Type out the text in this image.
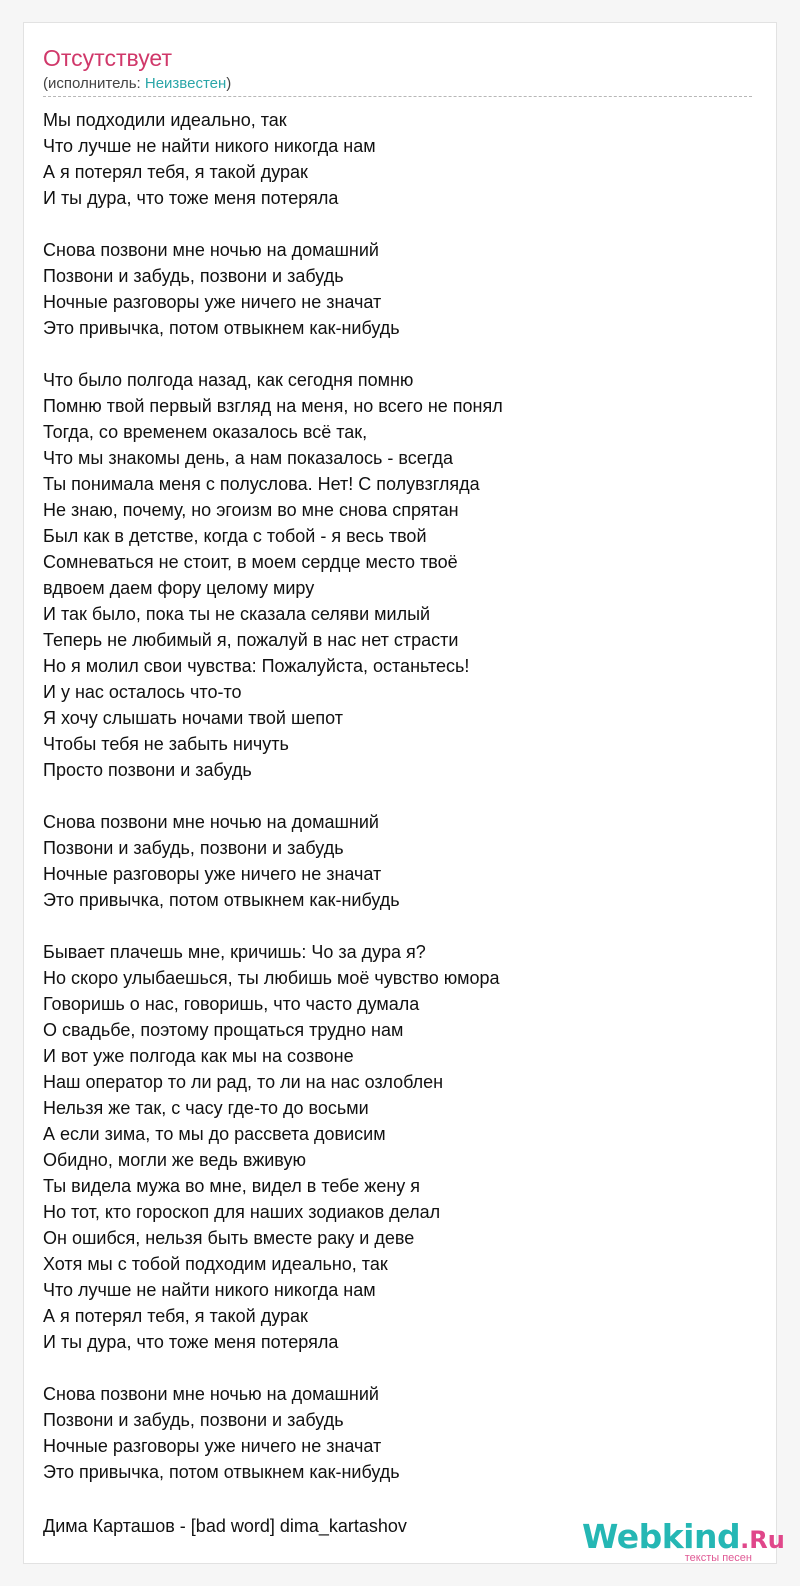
Отсутствует
(исполнитель: Неизвестен)
Мы подходили идеально, так
Что лучше не найти никого никогда нам
А я потерял тебя, я такой дурак
И ты дура, что тоже меня потеряла
Снова позвони мне ночью на домашний
Позвони и забудь, позвони и забудь
Ночные разговоры уже ничего не значат
Это привычка, потом отвыкнем как-нибудь
Что было полгода назад, как сегодня помню
Помню твой первый взгляд на меня, но всего не понял
Тогда, со временем оказалось всё так,
Что мы знакомы день, а нам показалось - всегда
Ты понимала меня с полуслова. Нет! С полувзгляда
Не знаю, почему, но эгоизм во мне снова спрятан
Был как в детстве, когда с тобой - я весь твой
Сомневаться не стоит, в моем сердце место твоё
вдвоем даем фору целому миру
И так было, пока ты не сказала селяви милый
Теперь не любимый я, пожалуй в нас нет страсти
Но я молил свои чувства: Пожалуйста, останьтесь!
И у нас осталось что-то
Я хочу слышать ночами твой шепот
Чтобы тебя не забыть ничуть
Просто позвони и забудь
Снова позвони мне ночью на домашний
Позвони и забудь, позвони и забудь
Ночные разговоры уже ничего не значат
Это привычка, потом отвыкнем как-нибудь
Бывает плачешь мне, кричишь: Чо за дура я?
Но скоро улыбаешься, ты любишь моё чувство юмора
Говоришь о нас, говоришь, что часто думала
О свадьбе, поэтому прощаться трудно нам
И вот уже полгода как мы на созвоне
Наш оператор то ли рад, то ли на нас озлоблен
Нельзя же так, с часу где-то до восьми
А если зима, то мы до рассвета довисим
Обидно, могли же ведь вживую
Ты видела мужа во мне, видел в тебе жену я
Но тот, кто гороскоп для наших зодиаков делал
Он ошибся, нельзя быть вместе раку и деве
Хотя мы с тобой подходим идеально, так
Что лучше не найти никого никогда нам
А я потерял тебя, я такой дурак
И ты дура, что тоже меня потеряла
Снова позвони мне ночью на домашний
Позвони и забудь, позвони и забудь
Ночные разговоры уже ничего не значат
Это привычка, потом отвыкнем как-нибудь
Дима Карташов - [bad word] dima_kartashov	Webkind.Ru
тексты песен
